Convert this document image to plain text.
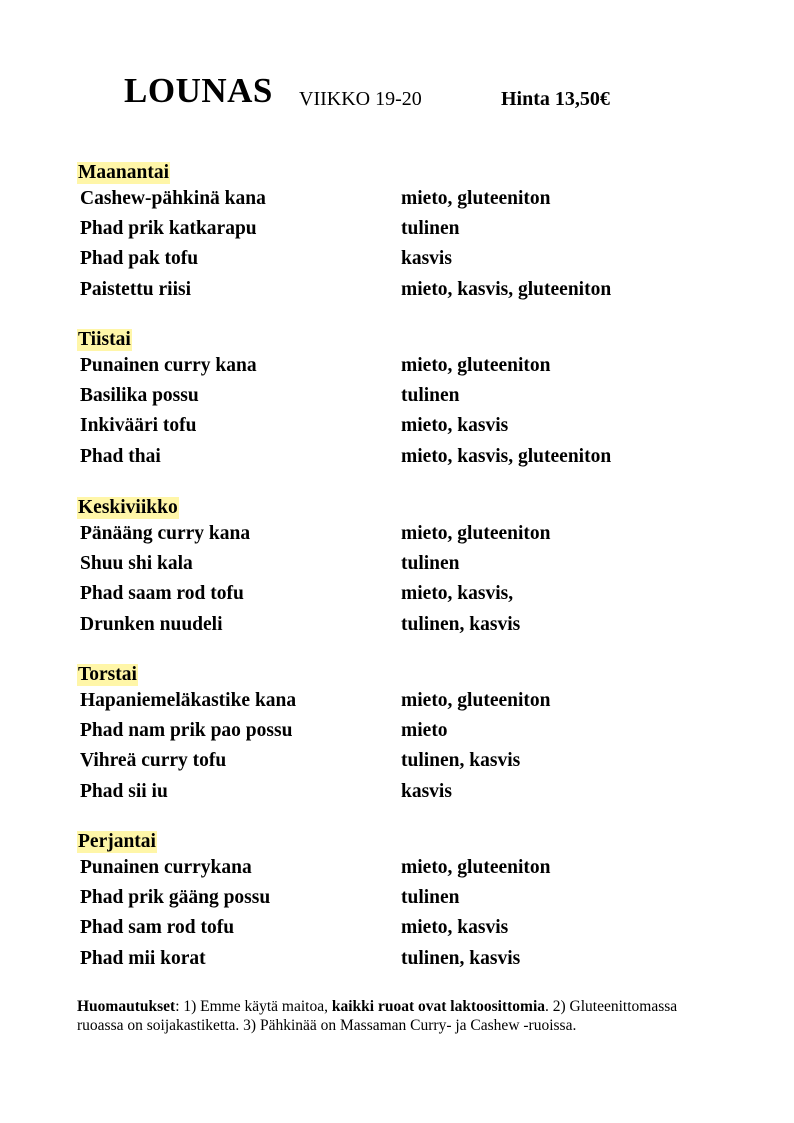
LOUNAS VIIKKO 19-20	Hinta 13,50€
Maanantai
Cashew-pähkinä kana	mieto, gluteeniton
Phad prik katkarapu	tulinen
Phad pak tofu	kasvis
Paistettu riisi	mieto, kasvis, gluteeniton
Tiistai
Punainen curry kana	mieto, gluteeniton
Basilika possu	tulinen
Inkivääri tofu	mieto, kasvis
Phad thai	mieto, kasvis, gluteeniton
Keskiviikko
Pänääng curry kana	mieto, gluteeniton
Shuu shi kala	tulinen
Phad saam rod tofu	mieto, kasvis,
Drunken nuudeli	tulinen, kasvis
Torstai
Hapaniemeläkastike kana	mieto, gluteeniton
Phad nam prik pao possu	mieto
Vihreä curry tofu	tulinen, kasvis
Phad sii iu	kasvis
Perjantai
Punainen currykana	mieto, gluteeniton
Phad prik gääng possu	tulinen
Phad sam rod tofu	mieto, kasvis
Phad mii korat	tulinen, kasvis
Huomautukset: 1) Emme käytä maitoa, kaikki ruoat ovat laktoosittomia. 2) Gluteenittomassa ruoassa on soijakastiketta. 3) Pähkinää on Massaman Curry- ja Cashew -ruoissa.
